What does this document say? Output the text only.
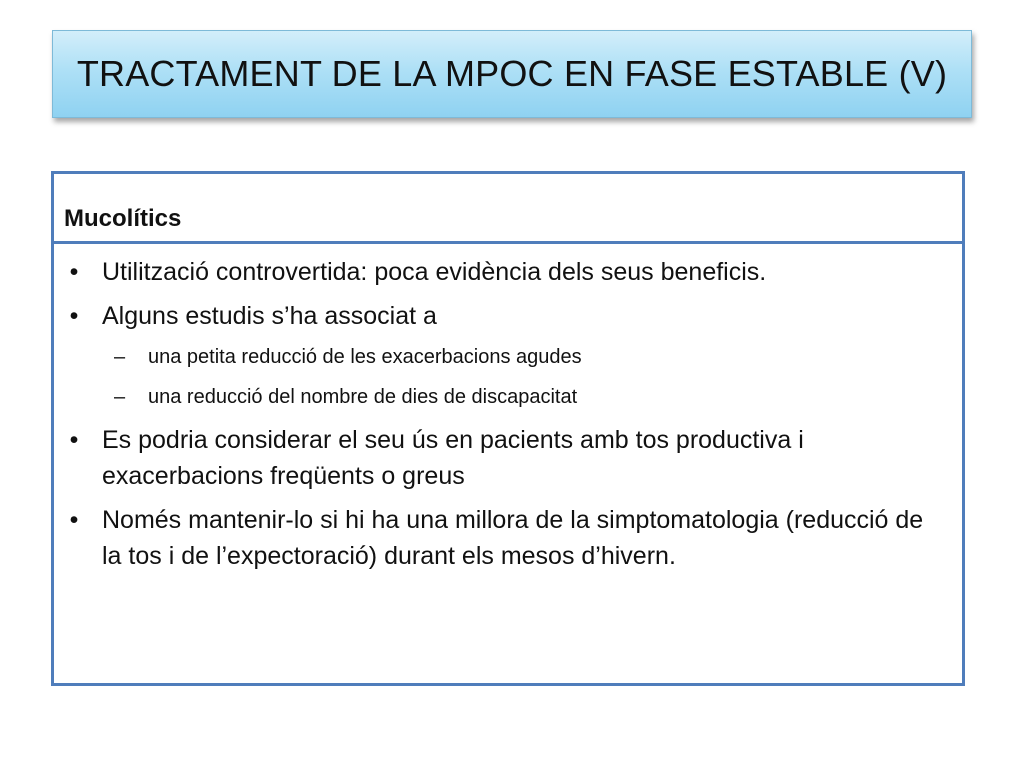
TRACTAMENT DE LA MPOC EN FASE ESTABLE (V)
Mucolítics
• Utilització controvertida: poca evidència dels seus beneficis.
• Alguns estudis s’ha associat a
– una petita reducció de les exacerbacions agudes
– una reducció del nombre de dies de discapacitat
• Es podria considerar el seu ús en pacients amb tos productiva i exacerbacions freqüents o greus
• Només mantenir-lo si hi ha una millora de la simptomatologia (reducció de la tos i de l’expectoració) durant els mesos d’hivern.
